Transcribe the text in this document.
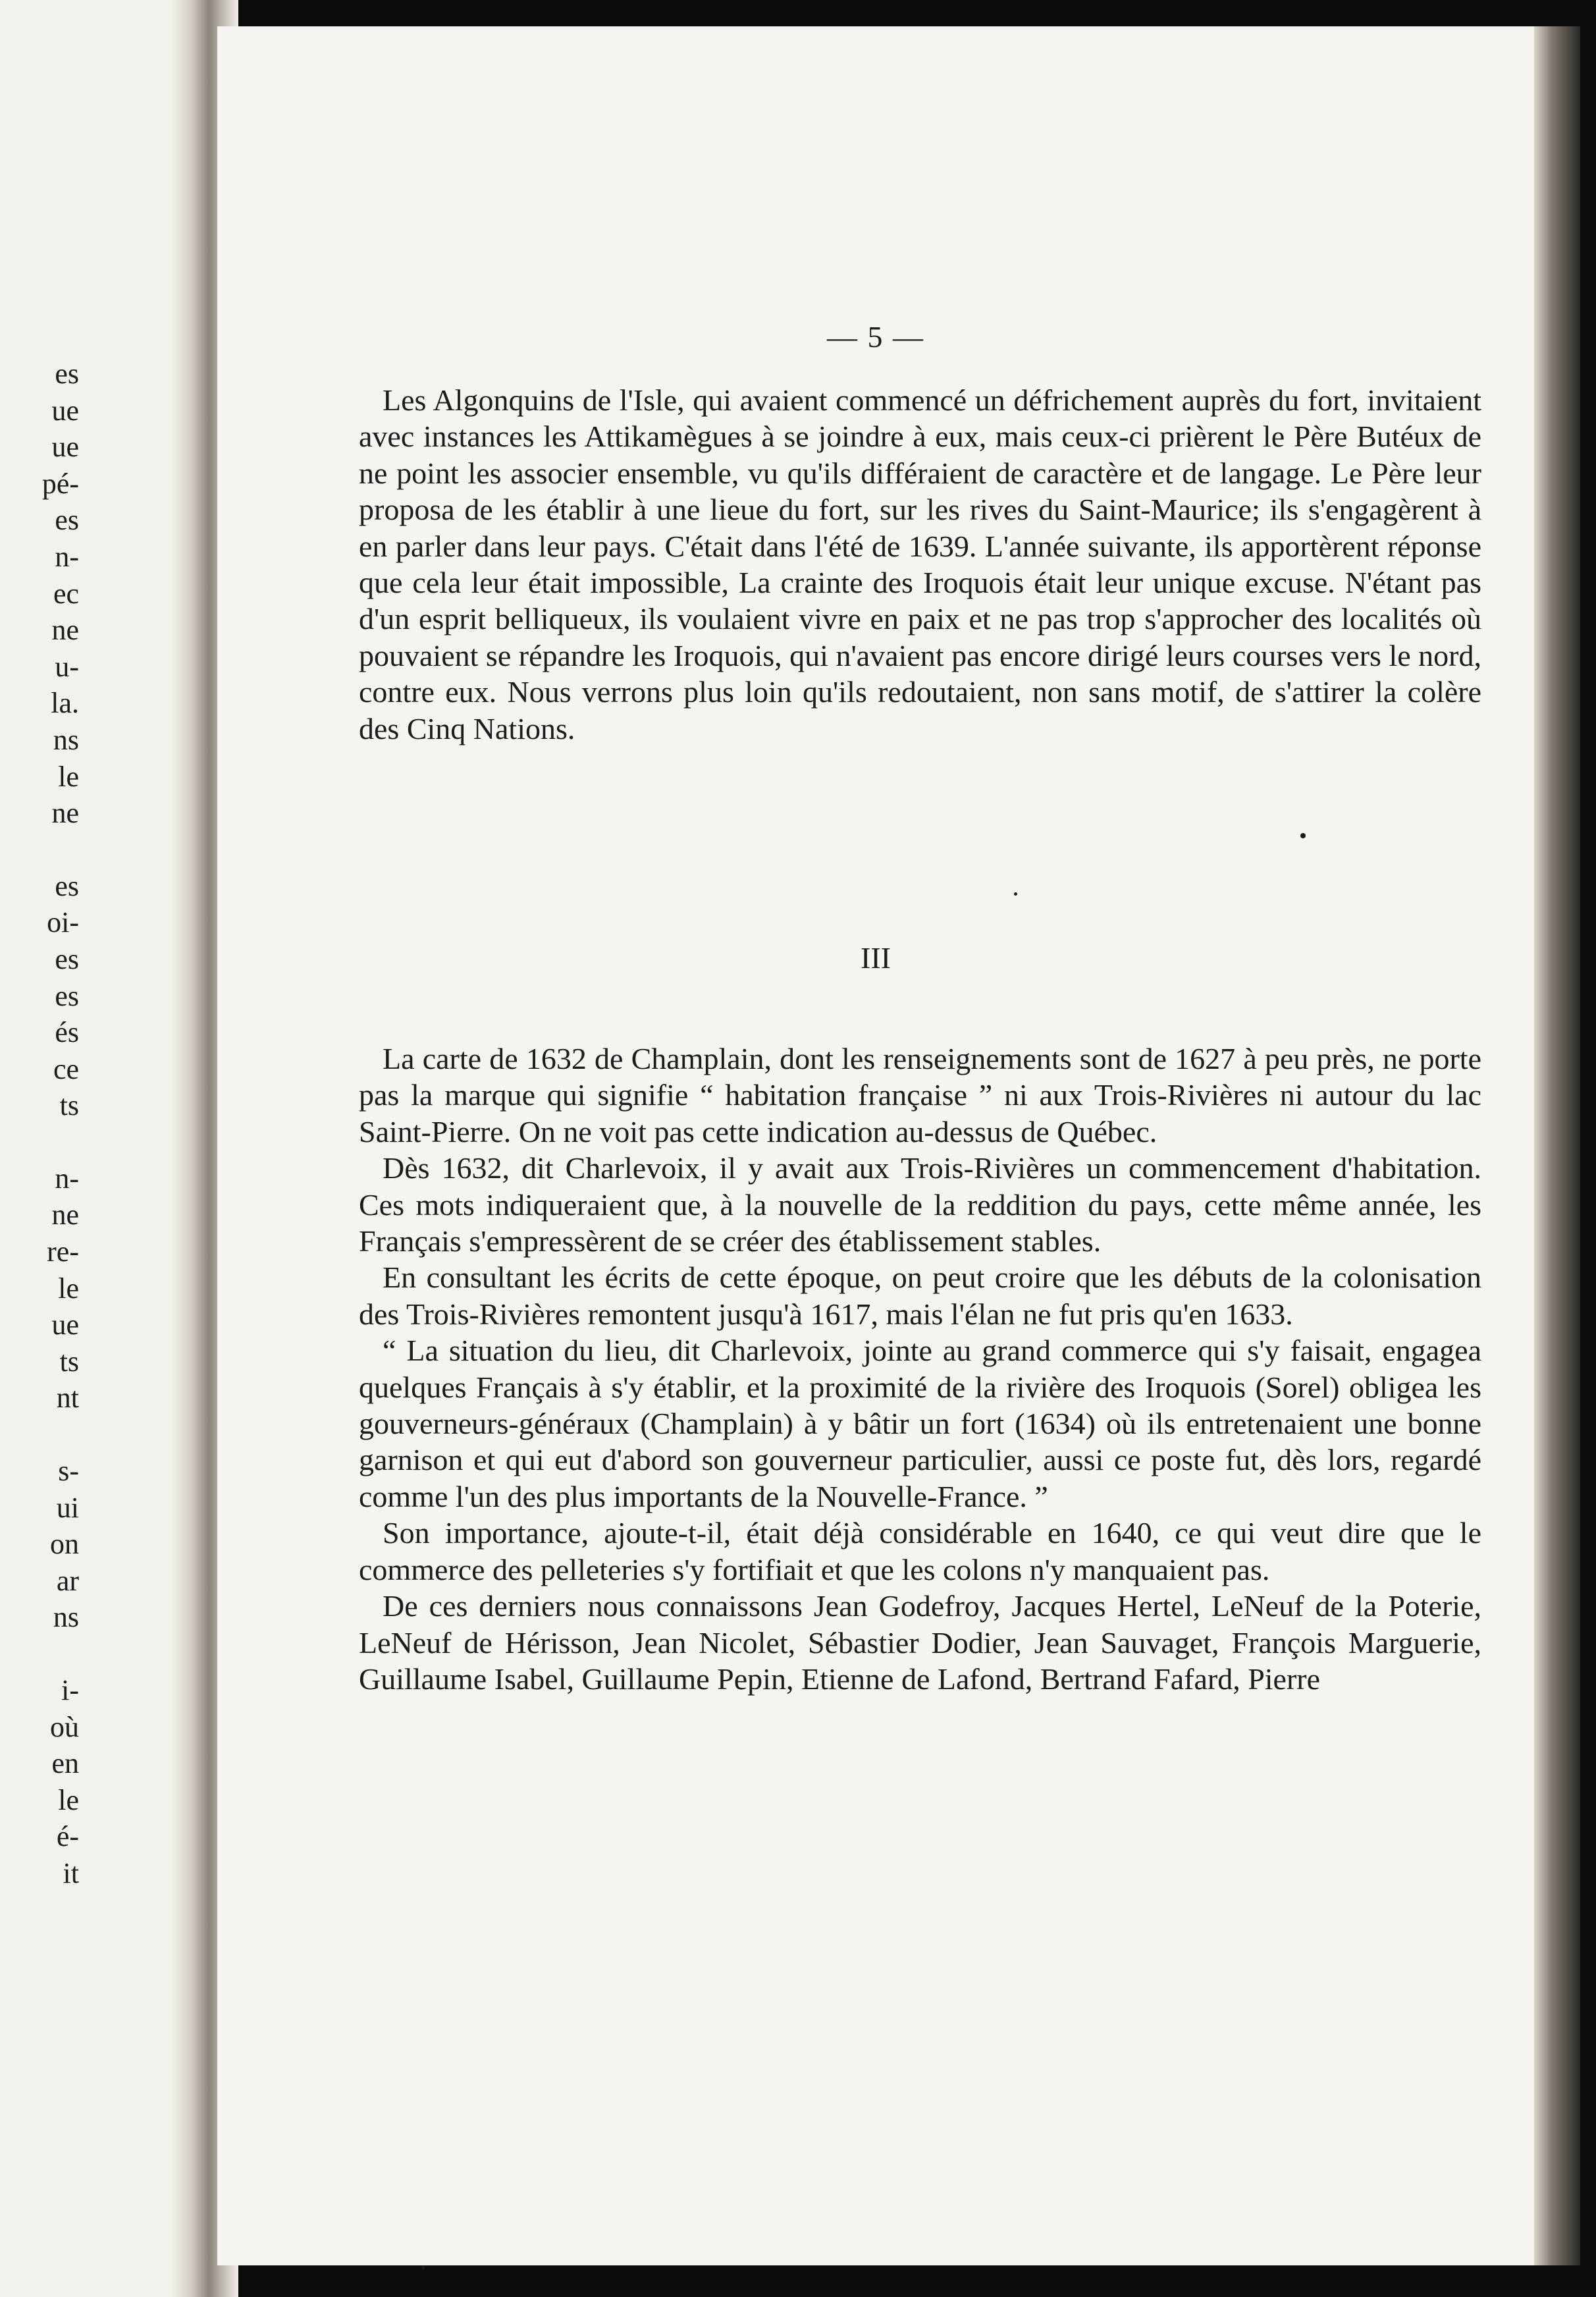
es
ue
ue
pé-
es
n-
ec
ne
u-
la.
ns
le
ne
es
oi-
es
es
és
ce
ts
n-
ne
re-
le
ue
ts
nt
s-
ui
on
ar
ns
i-
où
en
le
é-
it
— 5 —

Les Algonquins de l'Isle, qui avaient commencé un défrichement auprès du fort, invitaient avec instances les Attikamègues à se joindre à eux, mais ceux-ci prièrent le Père Butéux de ne point les associer ensemble, vu qu'ils différaient de caractère et de langage. Le Père leur proposa de les établir à une lieue du fort, sur les rives du Saint-Maurice; ils s'engagèrent à en parler dans leur pays. C'était dans l'été de 1639. L'année suivante, ils apportèrent réponse que cela leur était impossible, La crainte des Iroquois était leur unique excuse. N'étant pas d'un esprit belliqueux, ils voulaient vivre en paix et ne pas trop s'approcher des localités où pouvaient se répandre les Iroquois, qui n'avaient pas encore dirigé leurs courses vers le nord, contre eux. Nous verrons plus loin qu'ils redoutaient, non sans motif, de s'attirer la colère des Cinq Nations.

III

La carte de 1632 de Champlain, dont les renseignements sont de 1627 à peu près, ne porte pas la marque qui signifie “ habitation française ” ni aux Trois-Rivières ni autour du lac Saint-Pierre. On ne voit pas cette indication au-dessus de Québec.

Dès 1632, dit Charlevoix, il y avait aux Trois-Rivières un commencement d'habitation. Ces mots indiqueraient que, à la nouvelle de la reddition du pays, cette même année, les Français s'empressèrent de se créer des établissement stables.

En consultant les écrits de cette époque, on peut croire que les débuts de la colonisation des Trois-Rivières remontent jusqu'à 1617, mais l'élan ne fut pris qu'en 1633.

“ La situation du lieu, dit Charlevoix, jointe au grand commerce qui s'y faisait, engagea quelques Français à s'y établir, et la proximité de la rivière des Iroquois (Sorel) obligea les gouverneurs-généraux (Champlain) à y bâtir un fort (1634) où ils entretenaient une bonne garnison et qui eut d'abord son gouverneur particulier, aussi ce poste fut, dès lors, regardé comme l'un des plus importants de la Nouvelle-France. ”

Son importance, ajoute-t-il, était déjà considérable en 1640, ce qui veut dire que le commerce des pelleteries s'y fortifiait et que les colons n'y manquaient pas.

De ces derniers nous connaissons Jean Godefroy, Jacques Hertel, LeNeuf de la Poterie, LeNeuf de Hérisson, Jean Nicolet, Sébastier Dodier, Jean Sauvaget, François Marguerie, Guillaume Isabel, Guillaume Pepin, Etienne de Lafond, Bertrand Fafard, Pierre
